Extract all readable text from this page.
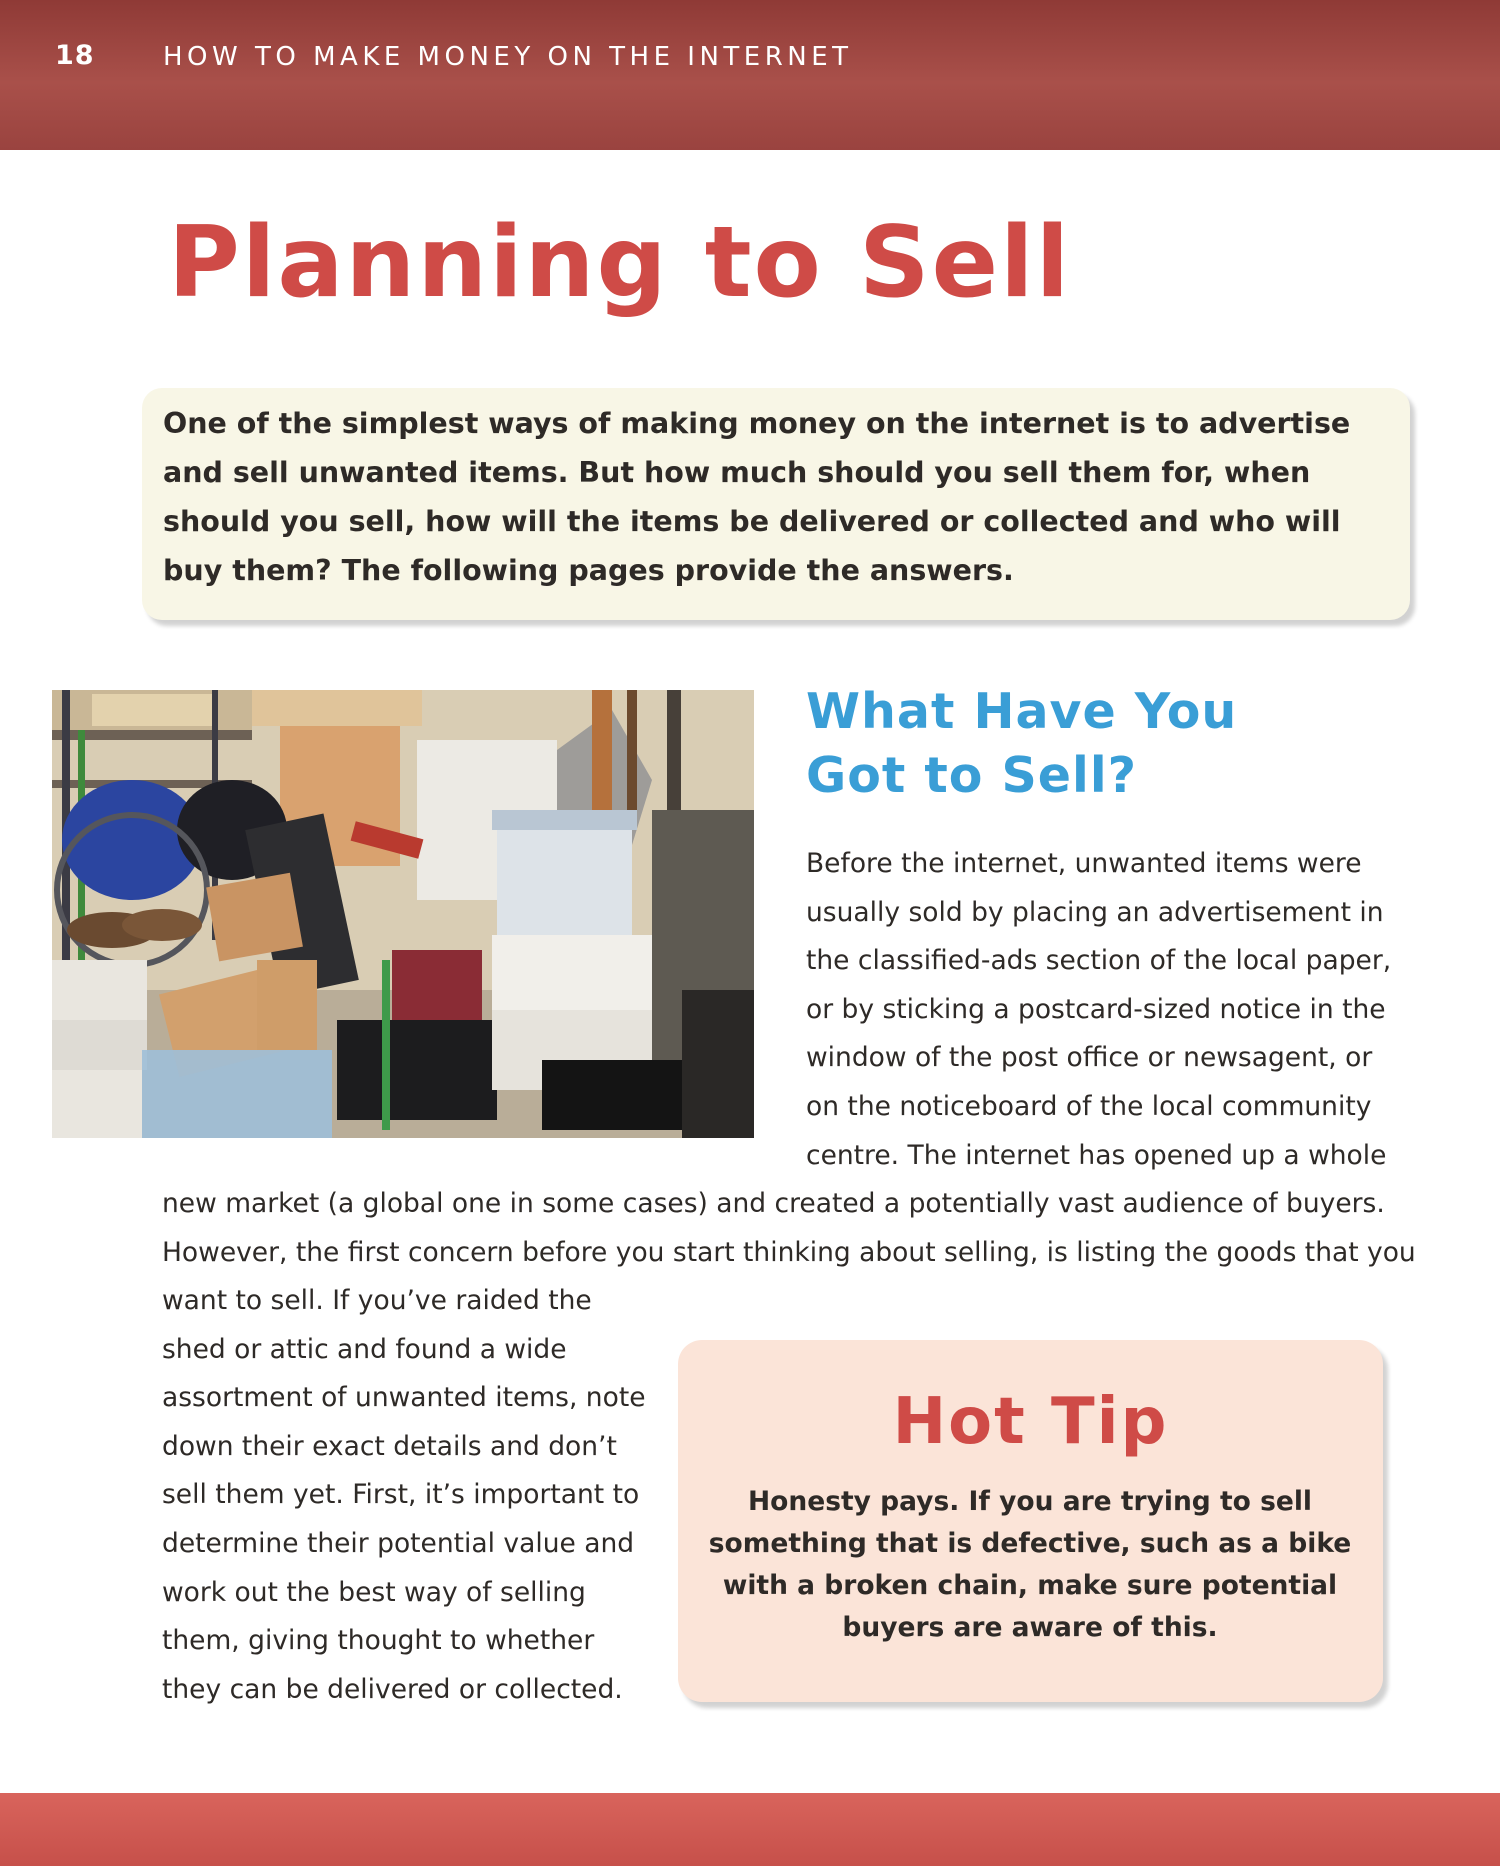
18	HOW TO MAKE MONEY ON THE INTERNET
Planning to Sell

One of the simplest ways of making money on the internet is to advertise
and sell unwanted items. But how much should you sell them for, when
should you sell, how will the items be delivered or collected and who will
buy them? The following pages provide the answers.

What Have You
Got to Sell?

Before the internet, unwanted items were
usually sold by placing an advertisement in
the classified-ads section of the local paper,
or by sticking a postcard-sized notice in the
window of the post office or newsagent, or
on the noticeboard of the local community
centre. The internet has opened up a whole

new market (a global one in some cases) and created a potentially vast audience of buyers.
However, the first concern before you start thinking about selling, is listing the goods that you

want to sell. If you’ve raided the
shed or attic and found a wide
assortment of unwanted items, note
down their exact details and don’t
sell them yet. First, it’s important to
determine their potential value and
work out the best way of selling
them, giving thought to whether
they can be delivered or collected.

Hot Tip

Honesty pays. If you are trying to sell
something that is defective, such as a bike
with a broken chain, make sure potential
buyers are aware of this.
